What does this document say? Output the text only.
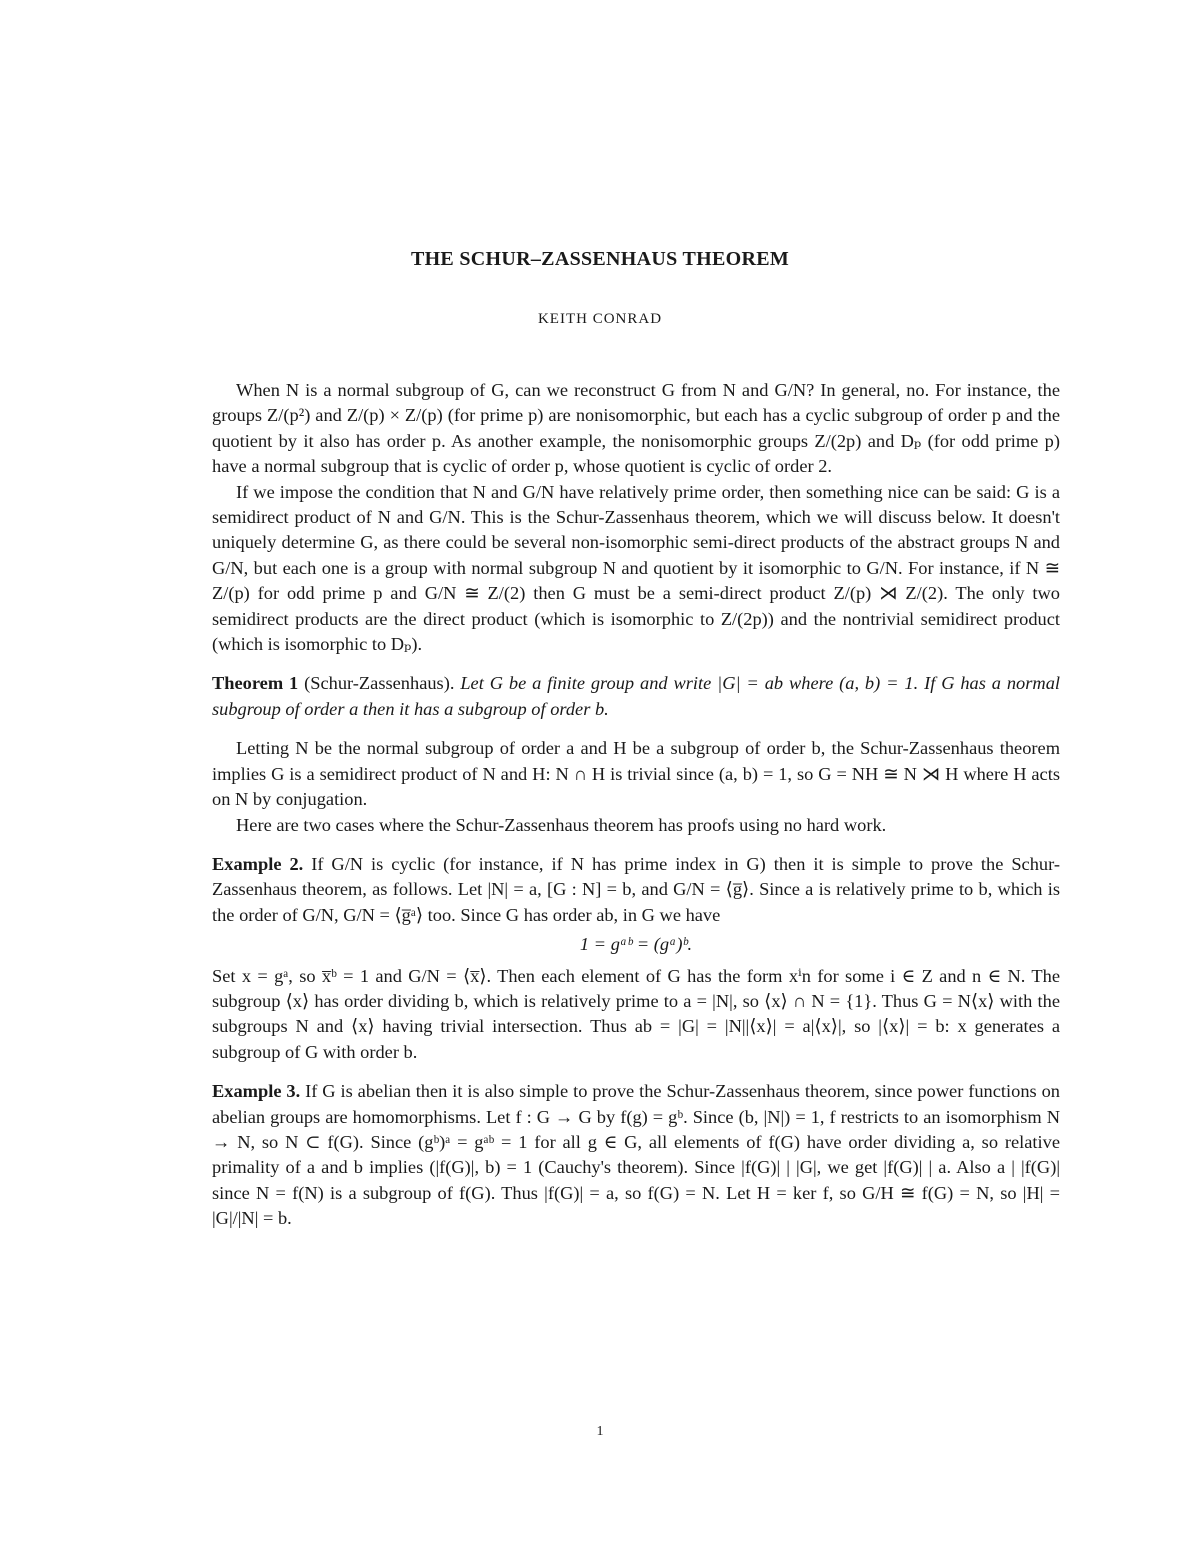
THE SCHUR–ZASSENHAUS THEOREM
KEITH CONRAD

When N is a normal subgroup of G, can we reconstruct G from N and G/N? In general, no. For instance, the groups Z/(p²) and Z/(p) × Z/(p) (for prime p) are nonisomorphic, but each has a cyclic subgroup of order p and the quotient by it also has order p. As another example, the nonisomorphic groups Z/(2p) and Dₚ (for odd prime p) have a normal subgroup that is cyclic of order p, whose quotient is cyclic of order 2.

If we impose the condition that N and G/N have relatively prime order, then something nice can be said: G is a semidirect product of N and G/N. This is the Schur-Zassenhaus theorem, which we will discuss below. It doesn't uniquely determine G, as there could be several non-isomorphic semi-direct products of the abstract groups N and G/N, but each one is a group with normal subgroup N and quotient by it isomorphic to G/N. For instance, if N ≅ Z/(p) for odd prime p and G/N ≅ Z/(2) then G must be a semi-direct product Z/(p) ⋊ Z/(2). The only two semidirect products are the direct product (which is isomorphic to Z/(2p)) and the nontrivial semidirect product (which is isomorphic to Dₚ).

Theorem 1 (Schur-Zassenhaus). Let G be a finite group and write |G| = ab where (a, b) = 1. If G has a normal subgroup of order a then it has a subgroup of order b.

Letting N be the normal subgroup of order a and H be a subgroup of order b, the Schur-Zassenhaus theorem implies G is a semidirect product of N and H: N ∩ H is trivial since (a, b) = 1, so G = NH ≅ N ⋊ H where H acts on N by conjugation.

Here are two cases where the Schur-Zassenhaus theorem has proofs using no hard work.

Example 2. If G/N is cyclic (for instance, if N has prime index in G) then it is simple to prove the Schur-Zassenhaus theorem, as follows. Let |N| = a, [G : N] = b, and G/N = ⟨g̅⟩. Since a is relatively prime to b, which is the order of G/N, G/N = ⟨g̅ᵃ⟩ too. Since G has order ab, in G we have

1 = gᵃᵇ = (gᵃ)ᵇ.

Set x = gᵃ, so x̅ᵇ = 1 and G/N = ⟨x̅⟩. Then each element of G has the form xⁱn for some i ∈ Z and n ∈ N. The subgroup ⟨x⟩ has order dividing b, which is relatively prime to a = |N|, so ⟨x⟩ ∩ N = {1}. Thus G = N⟨x⟩ with the subgroups N and ⟨x⟩ having trivial intersection. Thus ab = |G| = |N||⟨x⟩| = a|⟨x⟩|, so |⟨x⟩| = b: x generates a subgroup of G with order b.

Example 3. If G is abelian then it is also simple to prove the Schur-Zassenhaus theorem, since power functions on abelian groups are homomorphisms. Let f : G → G by f(g) = gᵇ. Since (b, |N|) = 1, f restricts to an isomorphism N → N, so N ⊂ f(G). Since (gᵇ)ᵃ = gᵃᵇ = 1 for all g ∈ G, all elements of f(G) have order dividing a, so relative primality of a and b implies (|f(G)|, b) = 1 (Cauchy's theorem). Since |f(G)| | |G|, we get |f(G)| | a. Also a | |f(G)| since N = f(N) is a subgroup of f(G). Thus |f(G)| = a, so f(G) = N. Let H = ker f, so G/H ≅ f(G) = N, so |H| = |G|/|N| = b.

1
